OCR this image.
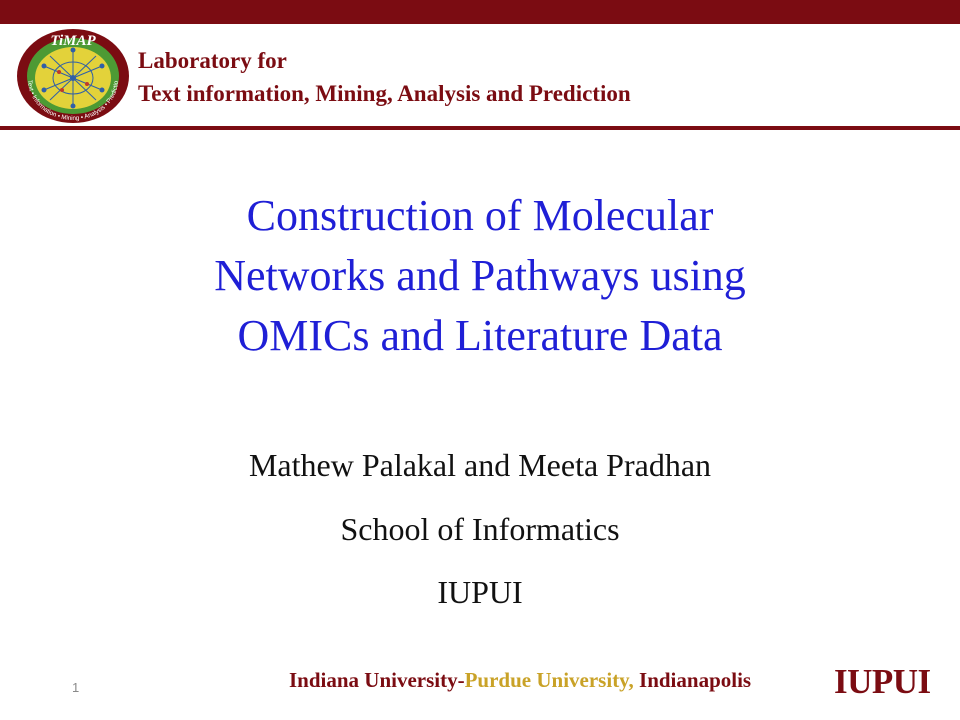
TiMAP
Text • Information • Mining • Analysis • Predictio
Laboratory for
Text information, Mining, Analysis and Prediction
Construction of Molecular
Networks and Pathways using
OMICs and Literature Data
Mathew Palakal and Meeta Pradhan
School of Informatics
IUPUI
1	Indiana University-Purdue University, Indianapolis IUPUI
